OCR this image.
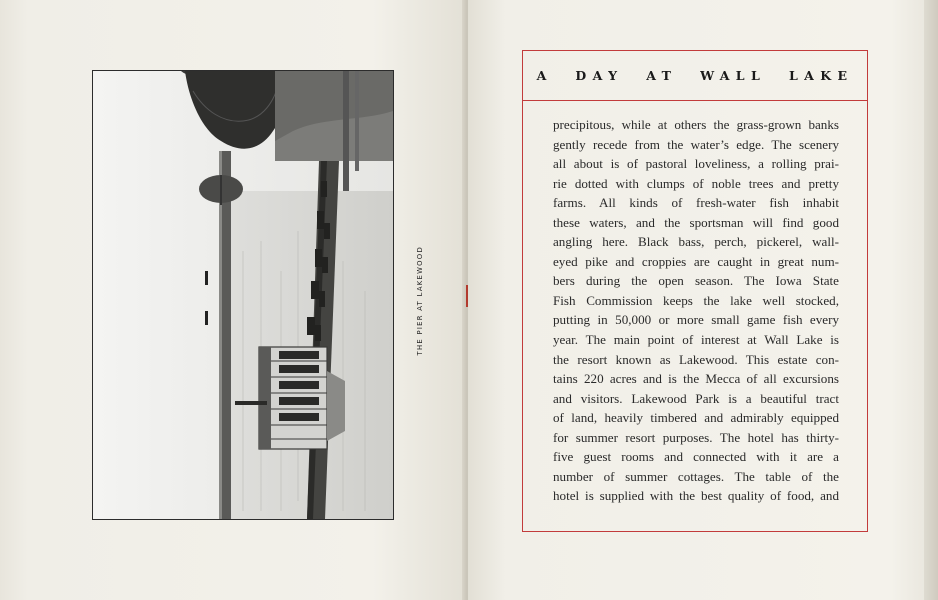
THE PIER AT LAKEWOOD
A DAY AT WALL LAKE
precipitous, while at others the grass-grown banks
gently recede from the water’s edge. The scenery
all about is of pastoral loveliness, a rolling prai-
rie dotted with clumps of noble trees and pretty
farms. All kinds of fresh-water fish inhabit
these waters, and the sportsman will find good
angling here. Black bass, perch, pickerel, wall-
eyed pike and croppies are caught in great num-
bers during the open season. The Iowa State
Fish Commission keeps the lake well stocked,
putting in 50,000 or more small game fish every
year. The main point of interest at Wall Lake is
the resort known as Lakewood. This estate con-
tains 220 acres and is the Mecca of all excursions
and visitors. Lakewood Park is a beautiful tract
of land, heavily timbered and admirably equipped
for summer resort purposes. The hotel has thirty-
five guest rooms and connected with it are a
number of summer cottages. The table of the
hotel is supplied with the best quality of food, and
